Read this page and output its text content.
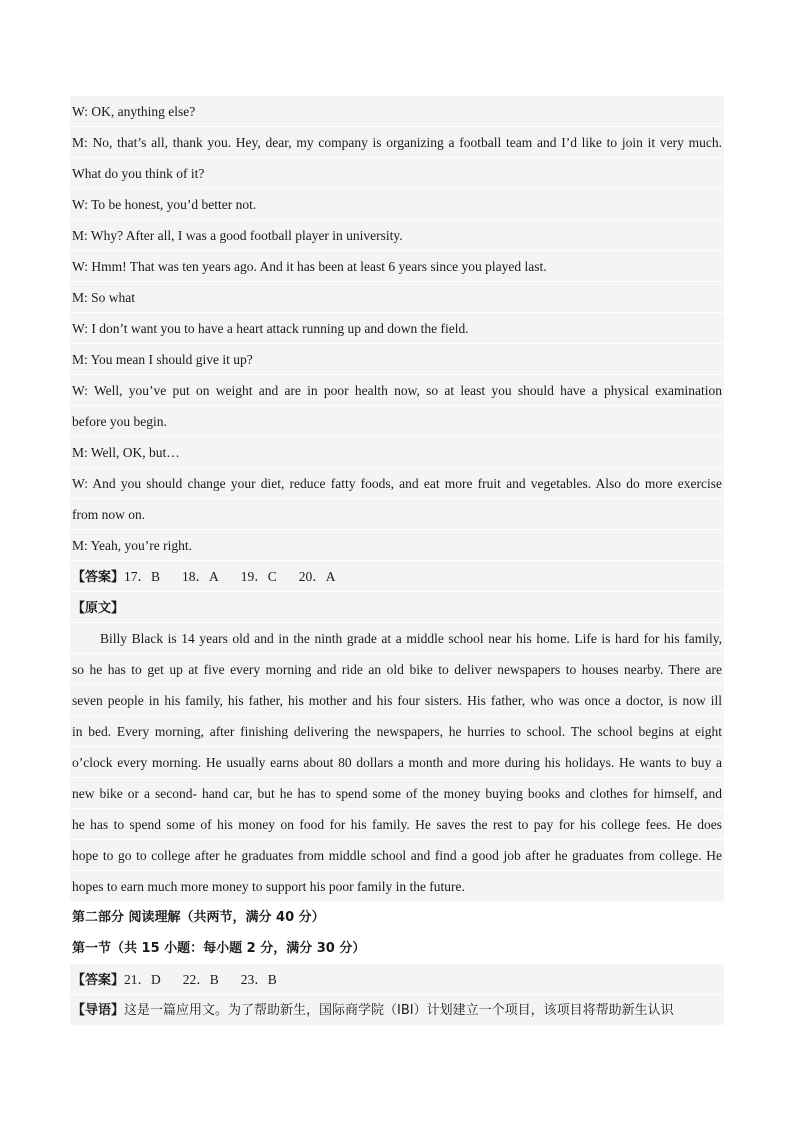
W: OK, anything else?
M: No, that’s all, thank you. Hey, dear, my company is organizing a football team and I’d like to join it very much.
What do you think of it?
W: To be honest, you’d better not.
M: Why? After all, I was a good football player in university.
W: Hmm! That was ten years ago. And it has been at least 6 years since you played last.
M: So what
W: I don’t want you to have a heart attack running up and down the field.
M: You mean I should give it up?
W: Well, you’ve put on weight and are in poor health now, so at least you should have a physical examination
before you begin.
M: Well, OK, but…
W: And you should change your diet, reduce fatty foods, and eat more fruit and vegetables. Also do more exercise
from now on.
M: Yeah, you’re right.
【答案】17．B 18．A 19．C 20．A
【原文】
Billy Black is 14 years old and in the ninth grade at a middle school near his home. Life is hard for his family,
so he has to get up at five every morning and ride an old bike to deliver newspapers to houses nearby. There are
seven people in his family, his father, his mother and his four sisters. His father, who was once a doctor, is now ill
in bed. Every morning, after finishing delivering the newspapers, he hurries to school. The school begins at eight
o’clock every morning. He usually earns about 80 dollars a month and more during his holidays. He wants to buy a
new bike or a second- hand car, but he has to spend some of the money buying books and clothes for himself, and
he has to spend some of his money on food for his family. He saves the rest to pay for his college fees. He does
hope to go to college after he graduates from middle school and find a good job after he graduates from college. He
hopes to earn much more money to support his poor family in the future.
第二部分 阅读理解（共两节，满分 40 分）
第一节（共 15 小题：每小题 2 分，满分 30 分）
【答案】21．D 22．B 23．B
【导语】这是一篇应用文。为了帮助新生，国际商学院（IBI）计划建立一个项目，该项目将帮助新生认识
